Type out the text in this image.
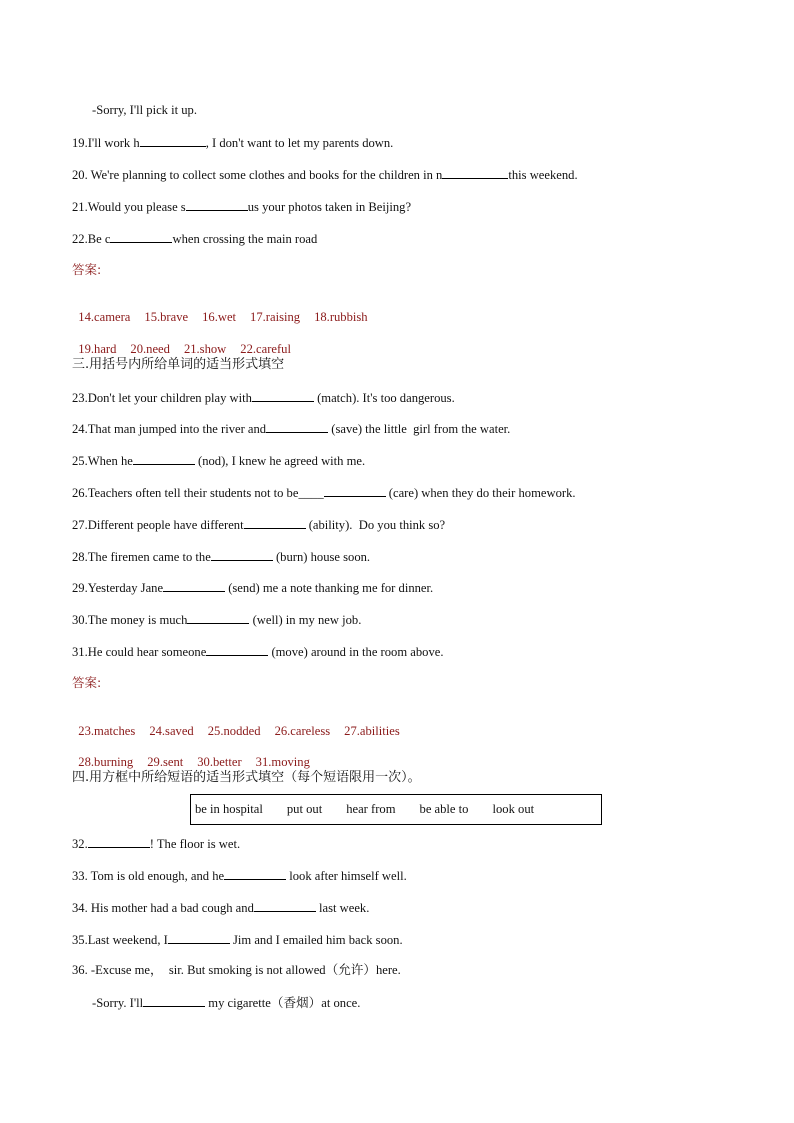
-Sorry, I'll pick it up.
19.I'll work h	, I don't want to let my parents down.
20. We're planning to collect some clothes and books for the children in n	this weekend.
21.Would you please s	us your photos taken in Beijing?
22.Be c	when crossing the main road
答案:

14.camera 15.brave 16.wet 17.raising 18.rubbish

19.hard 20.need 21.show 22.careful

三.用括号内所给单词的适当形式填空
23.Don't let your children play with	(match). It's too dangerous.
24.That man jumped into the river and	(save) the little  girl from the water.
25.When he	(nod), I knew he agreed with me.
26.Teachers often tell their students not to be____	(care) when they do their homework.
27.Different people have different	(ability).  Do you think so?
28.The firemen came to the	(burn) house soon.
29.Yesterday Jane	(send) me a note thanking me for dinner.
30.The money is much	(well) in my new job.
31.He could hear someone	(move) around in the room above.
答案:

23.matches 24.saved 25.nodded 26.careless 27.abilities

28.burning 29.sent 30.better 31.moving

四.用方框中所给短语的适当形式填空（每个短语限用一次）。
be in hospital put out hear from be able to look out
32.	! The floor is wet.
33. Tom is old enough, and he	look after himself well.
34. His mother had a bad cough and	last week.
35.Last weekend, I	Jim and I emailed him back soon.
36. -Excuse me，  sir. But smoking is not allowed（允许）here.
-Sorry. I'll	my cigarette（香烟）at once.
